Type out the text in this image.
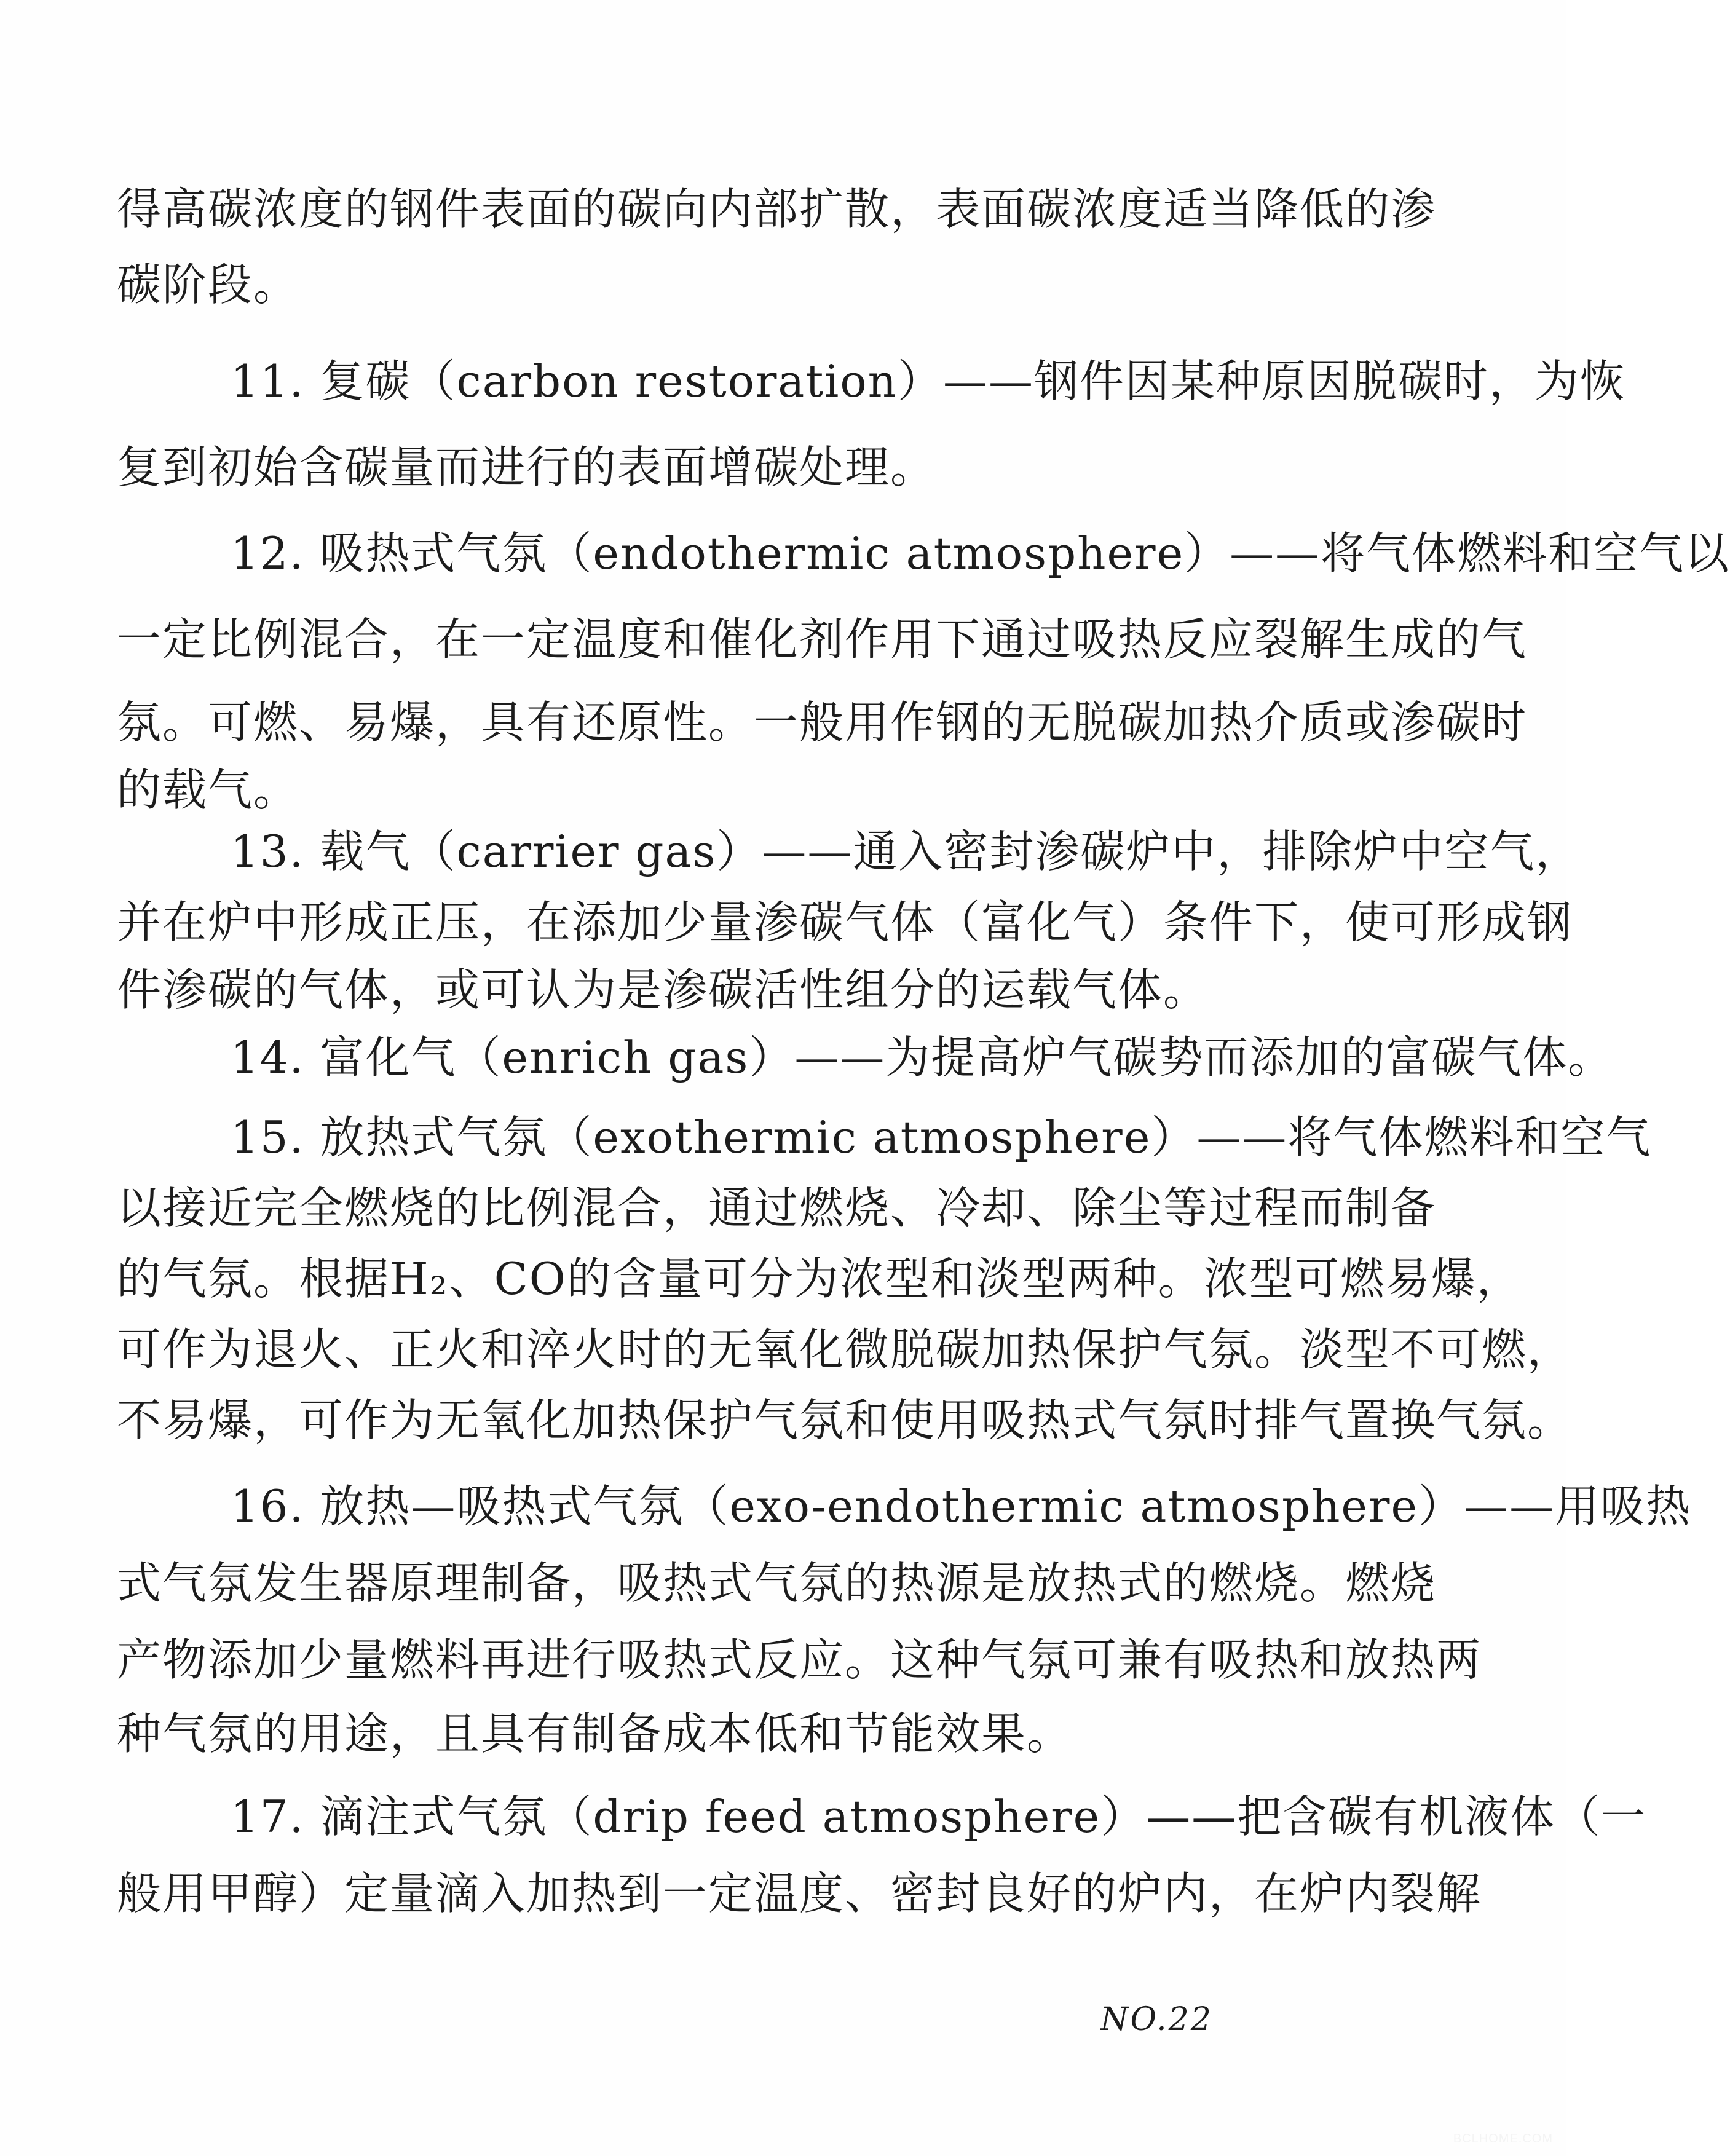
得高碳浓度的钢件表面的碳向内部扩散，表面碳浓度适当降低的渗
碳阶段。
11. 复碳（carbon restoration）——钢件因某种原因脱碳时，为恢
复到初始含碳量而进行的表面增碳处理。
12. 吸热式气氛（endothermic atmosphere）——将气体燃料和空气以
一定比例混合，在一定温度和催化剂作用下通过吸热反应裂解生成的气
氛。可燃、易爆，具有还原性。一般用作钢的无脱碳加热介质或渗碳时
的载气。
13. 载气（carrier gas）——通入密封渗碳炉中，排除炉中空气，
并在炉中形成正压，在添加少量渗碳气体（富化气）条件下，使可形成钢
件渗碳的气体，或可认为是渗碳活性组分的运载气体。
14. 富化气（enrich gas）——为提高炉气碳势而添加的富碳气体。
15. 放热式气氛（exothermic atmosphere）——将气体燃料和空气
以接近完全燃烧的比例混合，通过燃烧、冷却、除尘等过程而制备
的气氛。根据H₂、CO的含量可分为浓型和淡型两种。浓型可燃易爆，
可作为退火、正火和淬火时的无氧化微脱碳加热保护气氛。淡型不可燃，
不易爆，可作为无氧化加热保护气氛和使用吸热式气氛时排气置换气氛。
16. 放热—吸热式气氛（exo-endothermic atmosphere）——用吸热
式气氛发生器原理制备，吸热式气氛的热源是放热式的燃烧。燃烧
产物添加少量燃料再进行吸热式反应。这种气氛可兼有吸热和放热两
种气氛的用途，且具有制备成本低和节能效果。
17. 滴注式气氛（drip feed atmosphere）——把含碳有机液体（一
般用甲醇）定量滴入加热到一定温度、密封良好的炉内，在炉内裂解
NO.22
BCLHOME.COM
